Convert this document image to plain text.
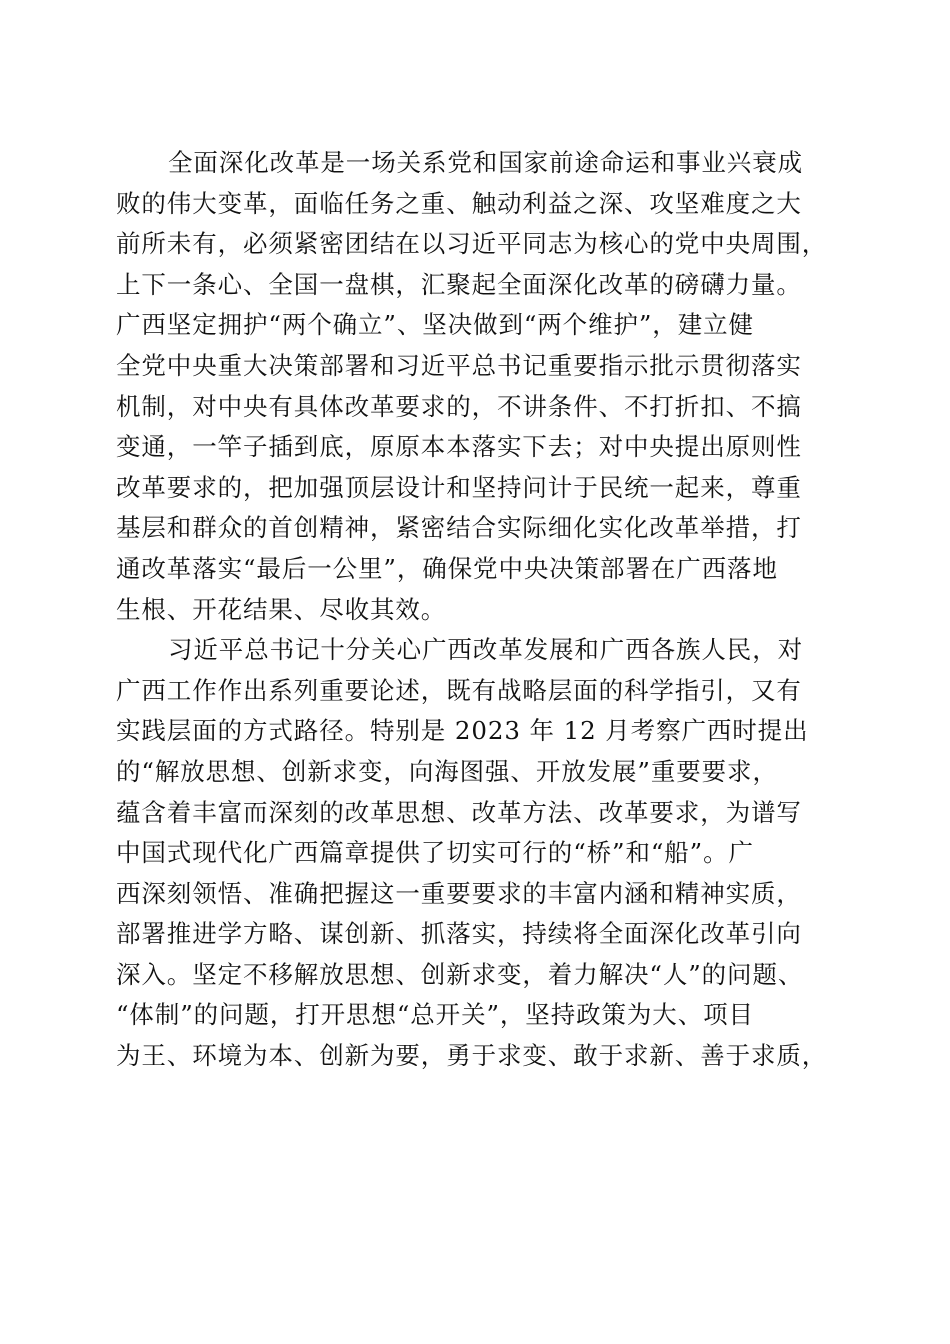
全面深化改革是一场关系党和国家前途命运和事业兴衰成
败的伟大变革，面临任务之重、触动利益之深、攻坚难度之大
前所未有，必须紧密团结在以习近平同志为核心的党中央周围，
上下一条心、全国一盘棋，汇聚起全面深化改革的磅礴力量。
广西坚定拥护“两个确立”、坚决做到“两个维护”，建立健
全党中央重大决策部署和习近平总书记重要指示批示贯彻落实
机制，对中央有具体改革要求的，不讲条件、不打折扣、不搞
变通，一竿子插到底，原原本本落实下去；对中央提出原则性
改革要求的，把加强顶层设计和坚持问计于民统一起来，尊重
基层和群众的首创精神，紧密结合实际细化实化改革举措，打
通改革落实“最后一公里”，确保党中央决策部署在广西落地
生根、开花结果、尽收其效。
习近平总书记十分关心广西改革发展和广西各族人民，对
广西工作作出系列重要论述，既有战略层面的科学指引，又有
实践层面的方式路径。特别是 2023 年 12 月考察广西时提出
的“解放思想、创新求变，向海图强、开放发展”重要要求，
蕴含着丰富而深刻的改革思想、改革方法、改革要求，为谱写
中国式现代化广西篇章提供了切实可行的“桥”和“船”。广
西深刻领悟、准确把握这一重要要求的丰富内涵和精神实质，
部署推进学方略、谋创新、抓落实，持续将全面深化改革引向
深入。坚定不移解放思想、创新求变，着力解决“人”的问题、
“体制”的问题，打开思想“总开关”，坚持政策为大、项目
为王、环境为本、创新为要，勇于求变、敢于求新、善于求质，
